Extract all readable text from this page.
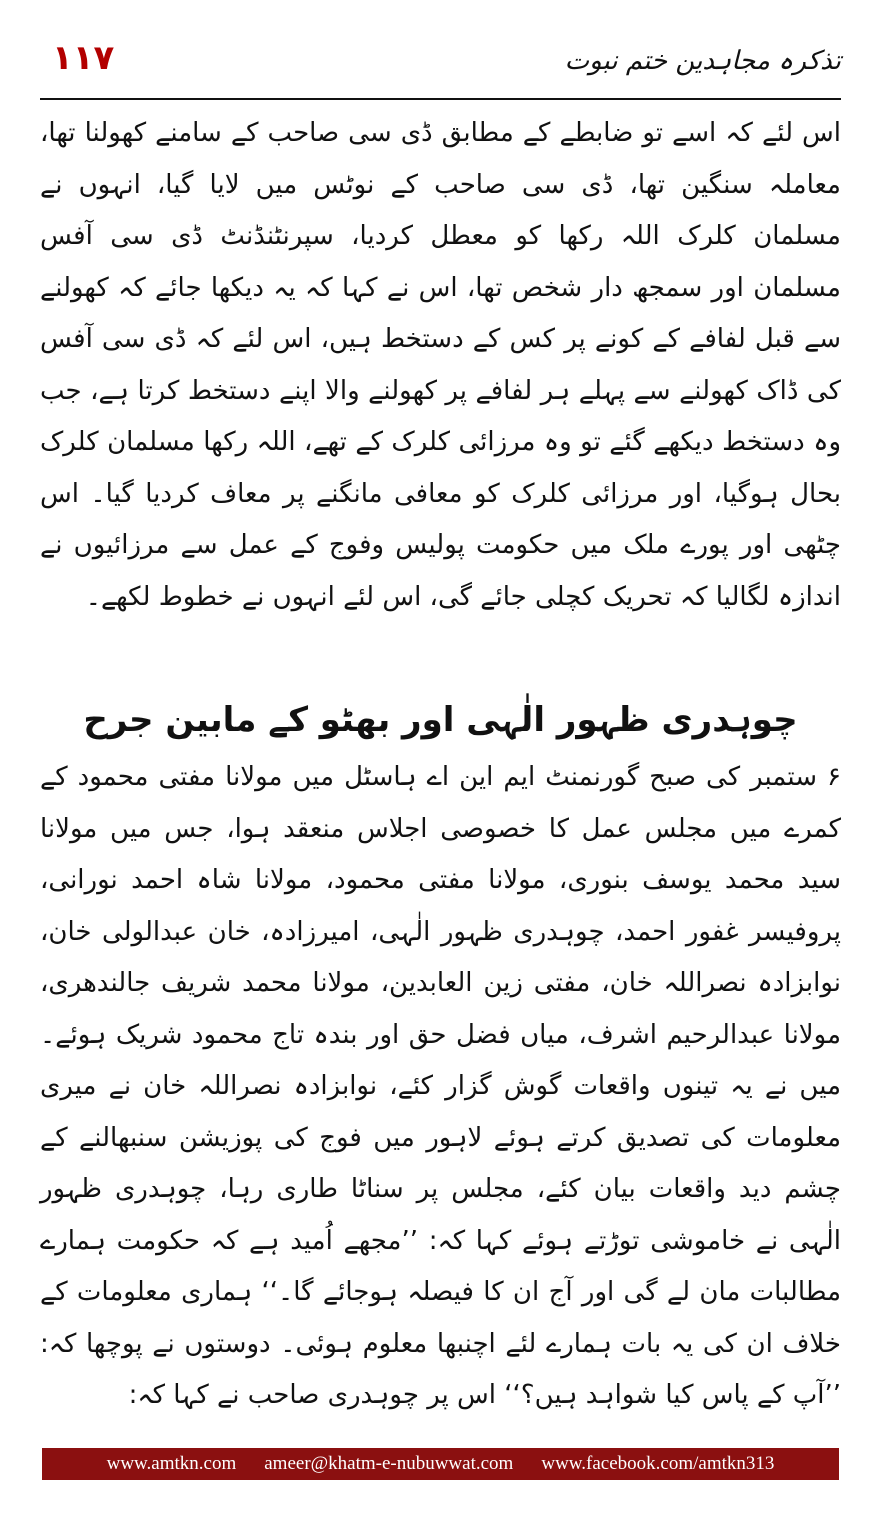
۱۱۷	تذکرہ مجاہدین ختم نبوت

اس لئے کہ اسے تو ضابطے کے مطابق ڈی سی صاحب کے سامنے کھولنا تھا، معاملہ سنگین تھا، ڈی سی صاحب کے نوٹس میں لایا گیا، انہوں نے مسلمان کلرک اللہ رکھا کو معطل کردیا، سپرنٹنڈنٹ ڈی سی آفس مسلمان اور سمجھ دار شخص تھا، اس نے کہا کہ یہ دیکھا جائے کہ کھولنے سے قبل لفافے کے کونے پر کس کے دستخط ہیں، اس لئے کہ ڈی سی آفس کی ڈاک کھولنے سے پہلے ہر لفافے پر کھولنے والا اپنے دستخط کرتا ہے، جب وہ دستخط دیکھے گئے تو وہ مرزائی کلرک کے تھے، اللہ رکھا مسلمان کلرک بحال ہوگیا، اور مرزائی کلرک کو معافی مانگنے پر معاف کردیا گیا۔ اس چٹھی اور پورے ملک میں حکومت پولیس وفوج کے عمل سے مرزائیوں نے اندازہ لگالیا کہ تحریک کچلی جائے گی، اس لئے انہوں نے خطوط لکھے۔

چوہدری ظہور الٰہی اور بھٹو کے مابین جرح

۶ ستمبر کی صبح گورنمنٹ ایم این اے ہاسٹل میں مولانا مفتی محمود کے کمرے میں مجلس عمل کا خصوصی اجلاس منعقد ہوا، جس میں مولانا سید محمد یوسف بنوری، مولانا مفتی محمود، مولانا شاہ احمد نورانی، پروفیسر غفور احمد، چوہدری ظہور الٰہی، امیرزادہ، خان عبدالولی خان، نوابزادہ نصراللہ خان، مفتی زین العابدین، مولانا محمد شریف جالندھری، مولانا عبدالرحیم اشرف، میاں فضل حق اور بندہ تاج محمود شریک ہوئے۔ میں نے یہ تینوں واقعات گوش گزار کئے، نوابزادہ نصراللہ خان نے میری معلومات کی تصدیق کرتے ہوئے لاہور میں فوج کی پوزیشن سنبھالنے کے چشم دید واقعات بیان کئے، مجلس پر سناٹا طاری رہا، چوہدری ظہور الٰہی نے خاموشی توڑتے ہوئے کہا کہ: ’’مجھے اُمید ہے کہ حکومت ہمارے مطالبات مان لے گی اور آج ان کا فیصلہ ہوجائے گا۔‘‘ ہماری معلومات کے خلاف ان کی یہ بات ہمارے لئے اچنبھا معلوم ہوئی۔ دوستوں نے پوچھا کہ: ’’آپ کے پاس کیا شواہد ہیں؟‘‘ اس پر چوہدری صاحب نے کہا کہ:

www.amtkn.com ameer@khatm-e-nubuwwat.com www.facebook.com/amtkn313
